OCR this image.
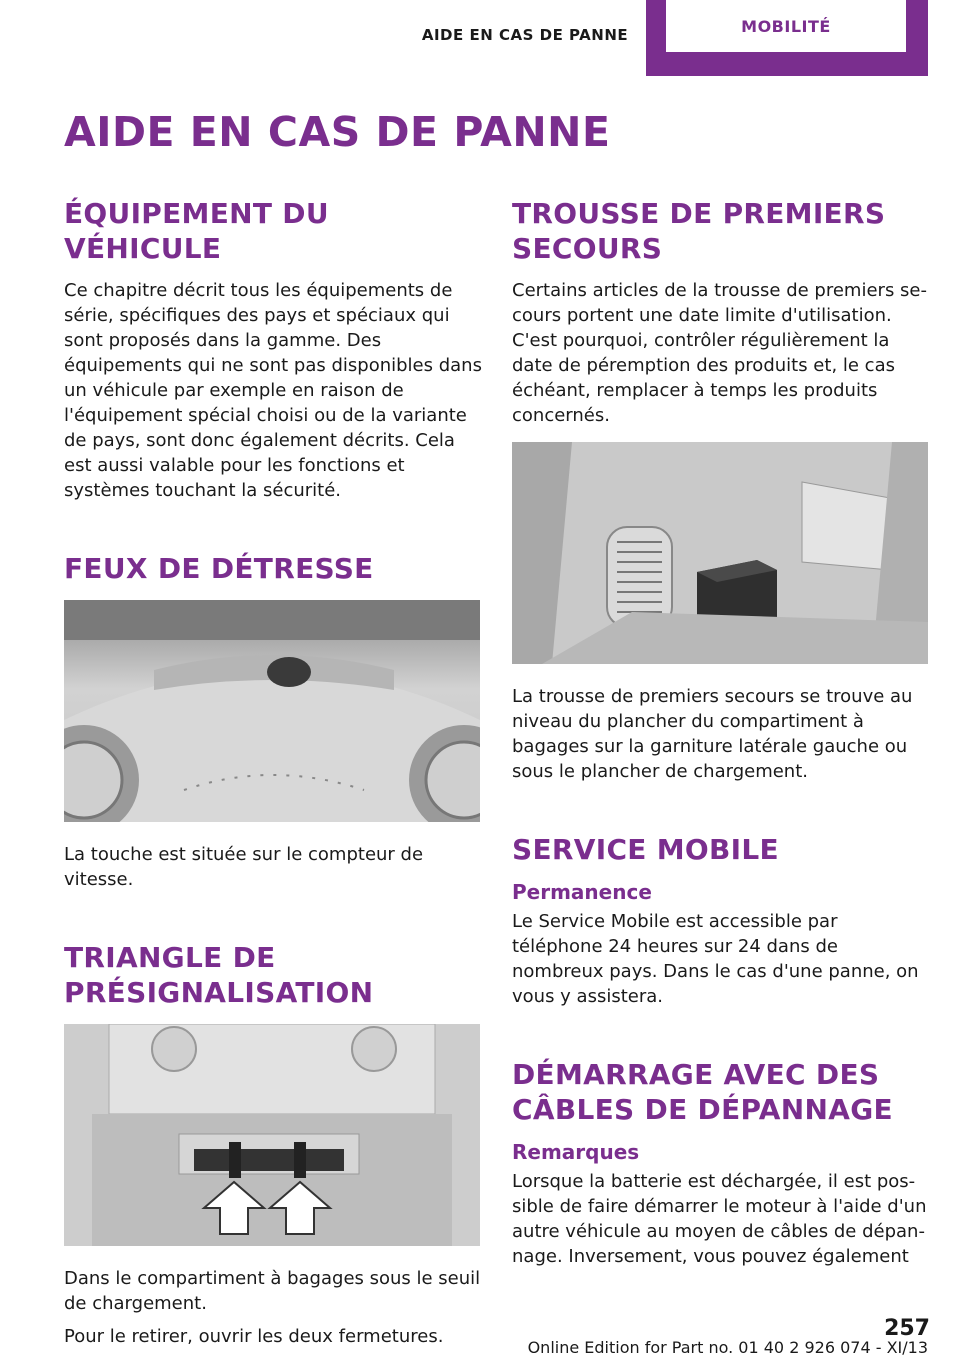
AIDE EN CAS DE PANNE	MOBILITÉ
AIDE EN CAS DE PANNE
ÉQUIPEMENT DU VÉHICULE

Ce chapitre décrit tous les équipements de série, spécifiques des pays et spéciaux qui sont proposés dans la gamme. Des équipements qui ne sont pas disponibles dans un véhicule par exemple en raison de l'équipement spécial choisi ou de la variante de pays, sont donc également décrits. Cela est aussi valable pour les fonctions et systèmes touchant la sécurité.

FEUX DE DÉTRESSE

La touche est située sur le compteur de vitesse.

TRIANGLE DE PRÉSIGNALISATION

Dans le compartiment à bagages sous le seuil de chargement.

Pour le retirer, ouvrir les deux fermetures.

TROUSSE DE PREMIERS SECOURS

Certains articles de la trousse de premiers secours portent une date limite d'utilisation. C'est pourquoi, contrôler régulièrement la date de péremption des produits et, le cas échéant, remplacer à temps les produits concernés.

La trousse de premiers secours se trouve au niveau du plancher du compartiment à bagages sur la garniture latérale gauche ou sous le plancher de chargement.

SERVICE MOBILE
Permanence

Le Service Mobile est accessible par téléphone 24 heures sur 24 dans de nombreux pays. Dans le cas d'une panne, on vous y assistera.

DÉMARRAGE AVEC DES CÂBLES DE DÉPANNAGE
Remarques

Lorsque la batterie est déchargée, il est possible de faire démarrer le moteur à l'aide d'un autre véhicule au moyen de câbles de dépannage. Inversement, vous pouvez également

257
Online Edition for Part no. 01 40 2 926 074 - XI/13
